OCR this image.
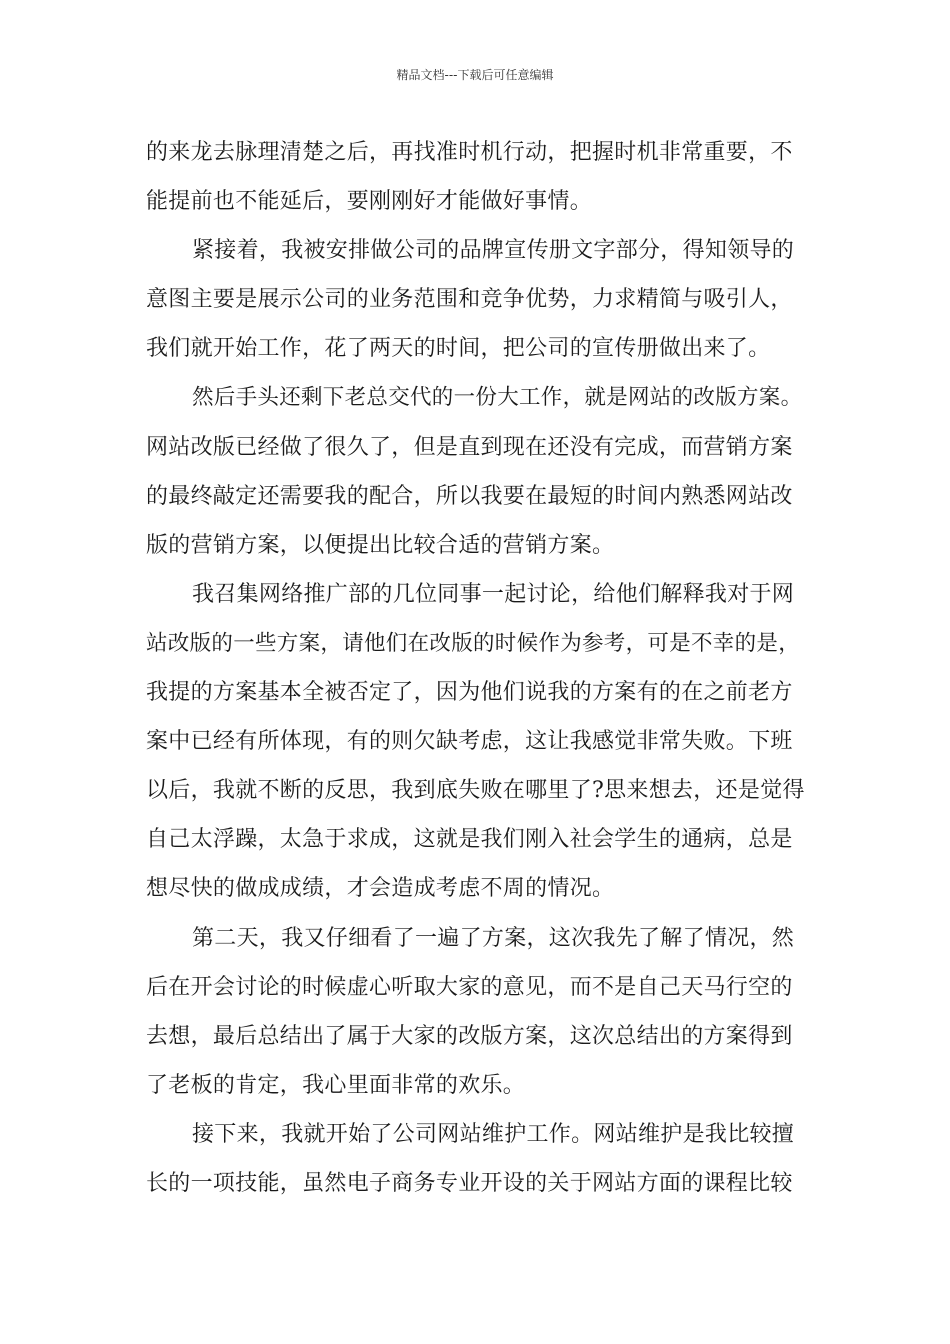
精品文档---下载后可任意编辑
的来龙去脉理清楚之后，再找准时机行动，把握时机非常重要，不
能提前也不能延后，要刚刚好才能做好事情。
紧接着，我被安排做公司的品牌宣传册文字部分，得知领导的
意图主要是展示公司的业务范围和竞争优势，力求精简与吸引人，
我们就开始工作，花了两天的时间，把公司的宣传册做出来了。
然后手头还剩下老总交代的一份大工作，就是网站的改版方案。
网站改版已经做了很久了，但是直到现在还没有完成，而营销方案
的最终敲定还需要我的配合，所以我要在最短的时间内熟悉网站改
版的营销方案，以便提出比较合适的营销方案。
我召集网络推广部的几位同事一起讨论，给他们解释我对于网
站改版的一些方案，请他们在改版的时候作为参考，可是不幸的是，
我提的方案基本全被否定了，因为他们说我的方案有的在之前老方
案中已经有所体现，有的则欠缺考虑，这让我感觉非常失败。下班
以后，我就不断的反思，我到底失败在哪里了?思来想去，还是觉得
自己太浮躁，太急于求成，这就是我们刚入社会学生的通病，总是
想尽快的做成成绩，才会造成考虑不周的情况。
第二天，我又仔细看了一遍了方案，这次我先了解了情况，然
后在开会讨论的时候虚心听取大家的意见，而不是自己天马行空的
去想，最后总结出了属于大家的改版方案，这次总结出的方案得到
了老板的肯定，我心里面非常的欢乐。
接下来，我就开始了公司网站维护工作。网站维护是我比较擅
长的一项技能，虽然电子商务专业开设的关于网站方面的课程比较
